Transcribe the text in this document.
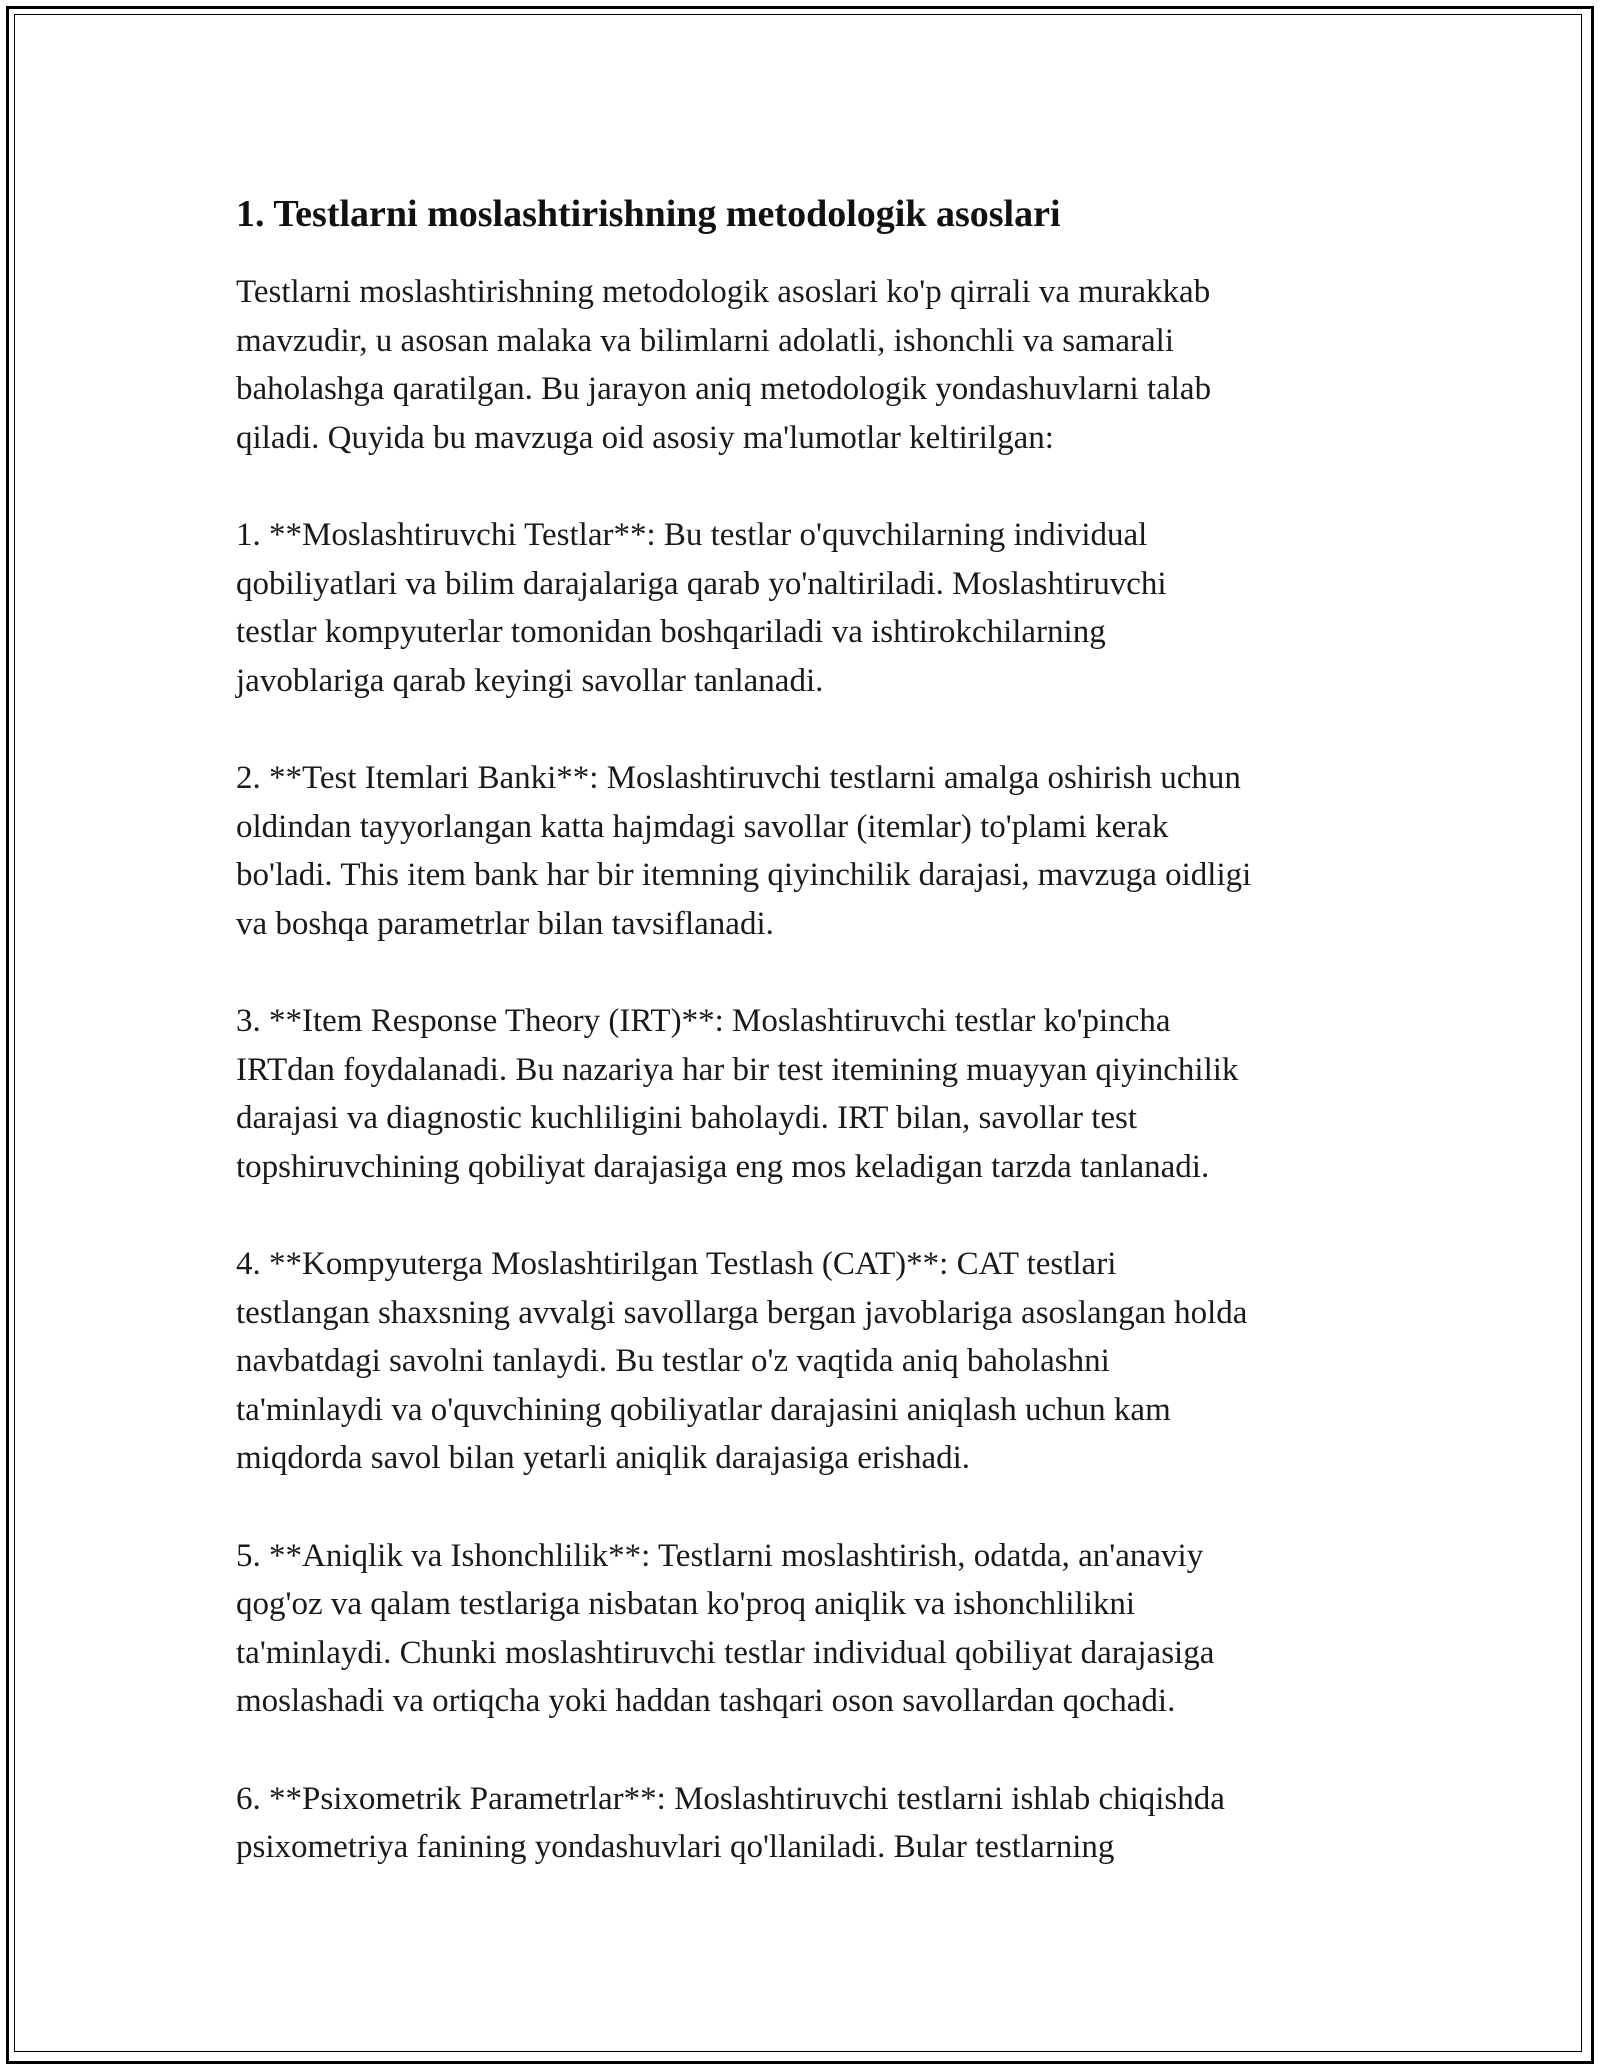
1. Testlarni moslashtirishning metodologik asoslari

Testlarni moslashtirishning metodologik asoslari ko'p qirrali va murakkab
mavzudir, u asosan malaka va bilimlarni adolatli, ishonchli va samarali
baholashga qaratilgan. Bu jarayon aniq metodologik yondashuvlarni talab
qiladi. Quyida bu mavzuga oid asosiy ma'lumotlar keltirilgan:

1. **Moslashtiruvchi Testlar**: Bu testlar o'quvchilarning individual
qobiliyatlari va bilim darajalariga qarab yo'naltiriladi. Moslashtiruvchi
testlar kompyuterlar tomonidan boshqariladi va ishtirokchilarning
javoblariga qarab keyingi savollar tanlanadi.

2. **Test Itemlari Banki**: Moslashtiruvchi testlarni amalga oshirish uchun
oldindan tayyorlangan katta hajmdagi savollar (itemlar) to'plami kerak
bo'ladi. This item bank har bir itemning qiyinchilik darajasi, mavzuga oidligi
va boshqa parametrlar bilan tavsiflanadi.

3. **Item Response Theory (IRT)**: Moslashtiruvchi testlar ko'pincha
IRTdan foydalanadi. Bu nazariya har bir test itemining muayyan qiyinchilik
darajasi va diagnostic kuchliligini baholaydi. IRT bilan, savollar test
topshiruvchining qobiliyat darajasiga eng mos keladigan tarzda tanlanadi.

4. **Kompyuterga Moslashtirilgan Testlash (CAT)**: CAT testlari
testlangan shaxsning avvalgi savollarga bergan javoblariga asoslangan holda
navbatdagi savolni tanlaydi. Bu testlar o'z vaqtida aniq baholashni
ta'minlaydi va o'quvchining qobiliyatlar darajasini aniqlash uchun kam
miqdorda savol bilan yetarli aniqlik darajasiga erishadi.

5. **Aniqlik va Ishonchlilik**: Testlarni moslashtirish, odatda, an'anaviy
qog'oz va qalam testlariga nisbatan ko'proq aniqlik va ishonchlilikni
ta'minlaydi. Chunki moslashtiruvchi testlar individual qobiliyat darajasiga
moslashadi va ortiqcha yoki haddan tashqari oson savollardan qochadi.

6. **Psixometrik Parametrlar**: Moslashtiruvchi testlarni ishlab chiqishda
psixometriya fanining yondashuvlari qo'llaniladi. Bular testlarning
